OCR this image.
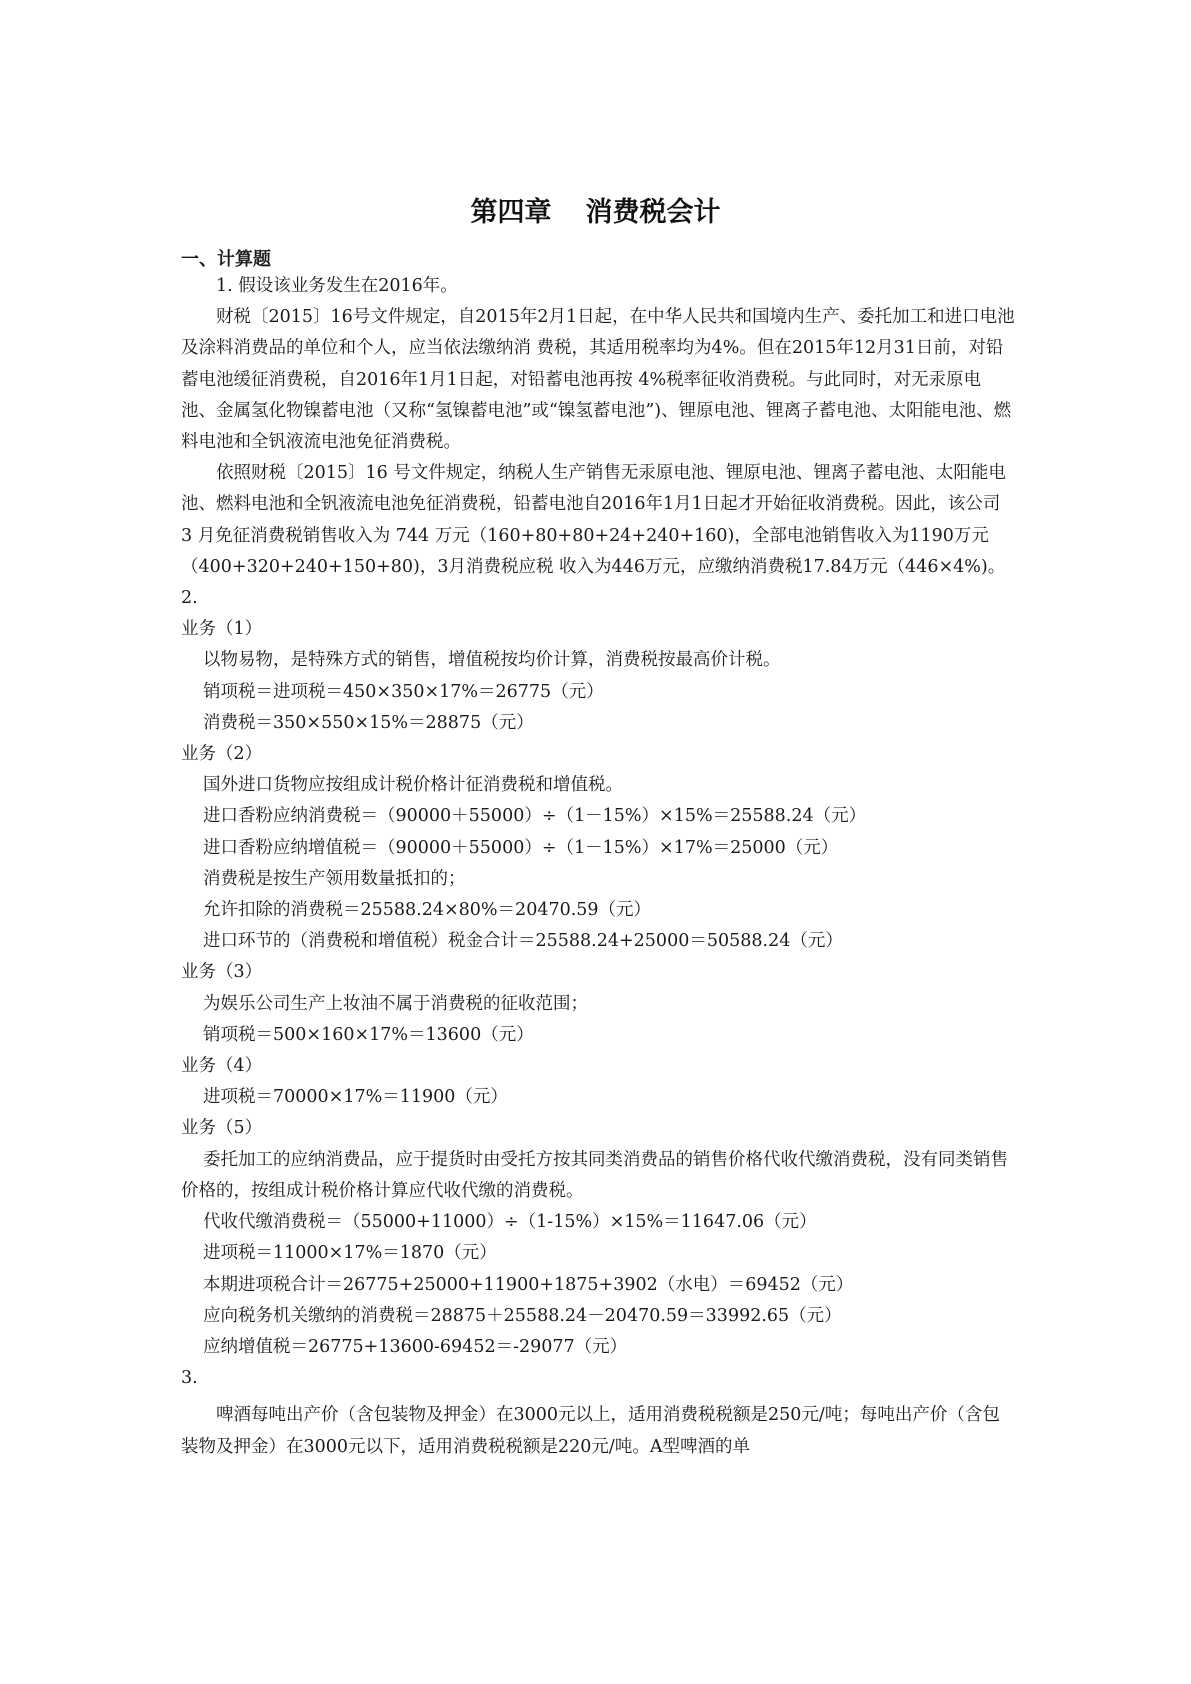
第四章 消费税会计
一、计算题

1. 假设该业务发生在2016年。

财税〔2015〕16号文件规定，自2015年2月1日起，在中华人民共和国境内生产、委托加工和进口电池及涂料消费品的单位和个人，应当依法缴纳消 费税，其适用税率均为4%。但在2015年12月31日前，对铅蓄电池缓征消费税，自2016年1月1日起，对铅蓄电池再按 4%税率征收消费税。与此同时，对无汞原电池、金属氢化物镍蓄电池（又称“氢镍蓄电池”或“镍氢蓄电池”)、锂原电池、锂离子蓄电池、太阳能电池、燃料电池和全钒液流电池免征消费税。

依照财税〔2015〕16 号文件规定，纳税人生产销售无汞原电池、锂原电池、锂离子蓄电池、太阳能电池、燃料电池和全钒液流电池免征消费税，铅蓄电池自2016年1月1日起才开始征收消费税。因此，该公司 3 月免征消费税销售收入为 744 万元（160+80+80+24+240+160)，全部电池销售收入为1190万元（400+320+240+150+80)，3月消费税应税 收入为446万元，应缴纳消费税17.84万元（446×4%)。

2.

业务（1）

以物易物，是特殊方式的销售，增值税按均价计算，消费税按最高价计税。

销项税＝进项税＝450×350×17%＝26775（元）

消费税＝350×550×15%＝28875（元）

业务（2）

国外进口货物应按组成计税价格计征消费税和增值税。

进口香粉应纳消费税＝（90000＋55000）÷（1－15%）×15%＝25588.24（元）

进口香粉应纳增值税＝（90000＋55000）÷（1－15%）×17%＝25000（元）

消费税是按生产领用数量抵扣的；

允许扣除的消费税＝25588.24×80%＝20470.59（元）

进口环节的（消费税和增值税）税金合计＝25588.24+25000＝50588.24（元）

业务（3）

为娱乐公司生产上妆油不属于消费税的征收范围；

销项税＝500×160×17%＝13600（元）

业务（4）

进项税＝70000×17%＝11900（元）

业务（5）

委托加工的应纳消费品，应于提货时由受托方按其同类消费品的销售价格代收代缴消费税，没有同类销售价格的，按组成计税价格计算应代收代缴的消费税。

代收代缴消费税＝（55000+11000）÷（1-15%）×15%＝11647.06（元）

进项税＝11000×17%＝1870（元）

本期进项税合计＝26775+25000+11900+1875+3902（水电）＝69452（元）

应向税务机关缴纳的消费税＝28875＋25588.24－20470.59＝33992.65（元）

应纳增值税＝26775+13600-69452＝-29077（元）

3.

啤酒每吨出产价（含包装物及押金）在3000元以上，适用消费税税额是250元/吨；每吨出产价（含包装物及押金）在3000元以下，适用消费税税额是220元/吨。A型啤酒的单
